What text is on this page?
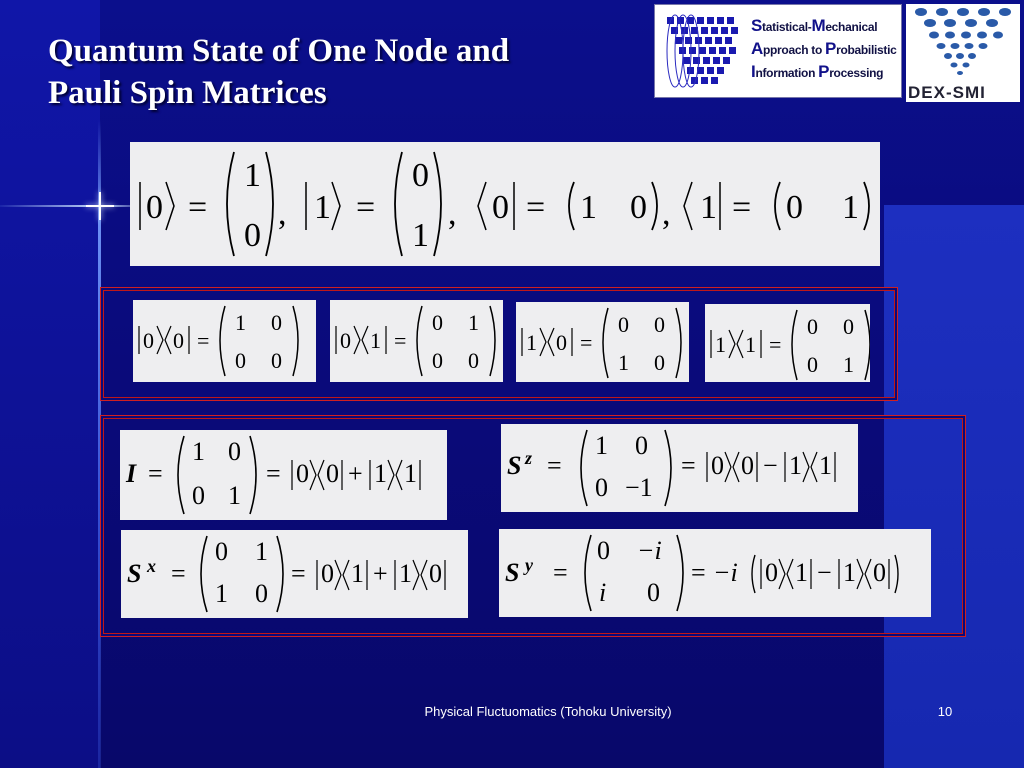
Quantum State of One Node and
Pauli Spin Matrices
Statistical-Mechanical
Approach to Probabilistic
Information Processing
DEX-SMI
0 =
1
0
, 1 =
0
1
, 0 = 1 0 , 1 = 0 1
0 0 =
1 0
0 0
0 1 =
0 1
0 0
1 0 =
0 0
1 0
1 1 =
0 0
0 1
I =
1 0
0 1
= 0 0 + 1 1	S z =
1 0
0 −1
= 0 0 − 1 1
S x =
0 1
1 0
= 0 1 + 1 0 S y =
0 −i
i 0
= −i 0 1 − 1 0
Physical Fluctuomatics (Tohoku University)	10
